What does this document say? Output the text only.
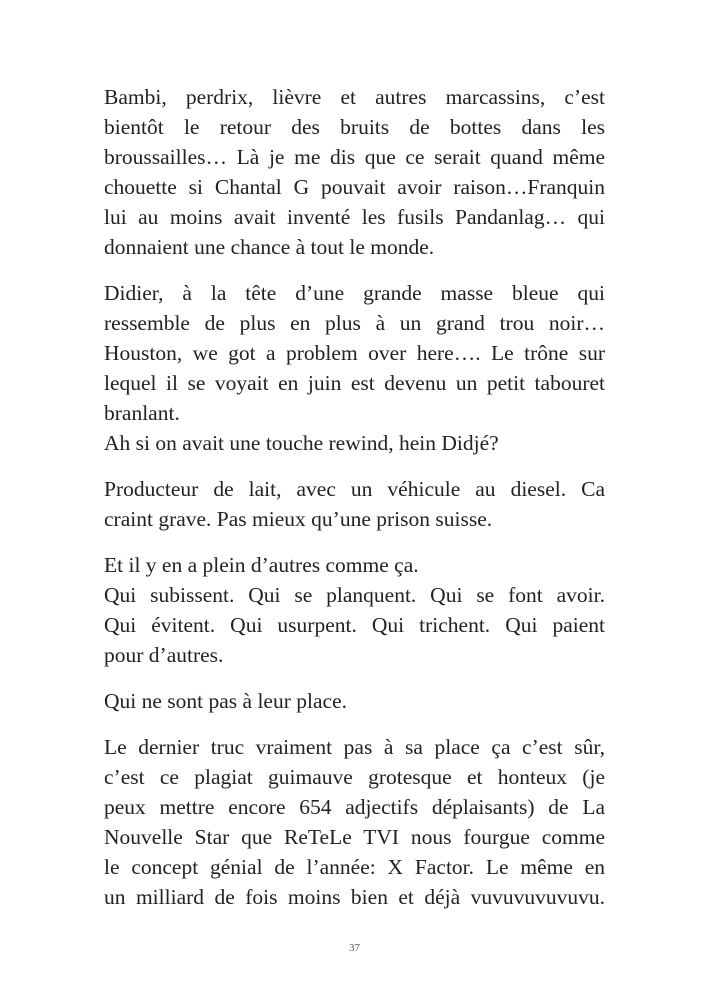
Bambi, perdrix, lièvre et autres marcassins, c’est
bientôt le retour des bruits de bottes dans les
broussailles… Là je me dis que ce serait quand même
chouette si Chantal G pouvait avoir raison…Franquin
lui au moins avait inventé les fusils Pandanlag… qui
donnaient une chance à tout le monde.

Didier, à la tête d’une grande masse bleue qui
ressemble de plus en plus à un grand trou noir…
Houston, we got a problem over here…. Le trône sur
lequel il se voyait en juin est devenu un petit tabouret
branlant.
Ah si on avait une touche rewind, hein Didjé?

Producteur de lait, avec un véhicule au diesel. Ca
craint grave. Pas mieux qu’une prison suisse.

Et il y en a plein d’autres comme ça.
Qui subissent. Qui se planquent. Qui se font avoir.
Qui évitent. Qui usurpent. Qui trichent. Qui paient
pour d’autres.

Qui ne sont pas à leur place.

Le dernier truc vraiment pas à sa place ça c’est sûr,
c’est ce plagiat guimauve grotesque et honteux (je
peux mettre encore 654 adjectifs déplaisants) de La
Nouvelle Star que ReTeLe TVI nous fourgue comme
le concept génial de l’année: X Factor. Le même en
un milliard de fois moins bien et déjà vuvuvuvuvuvu.

37
